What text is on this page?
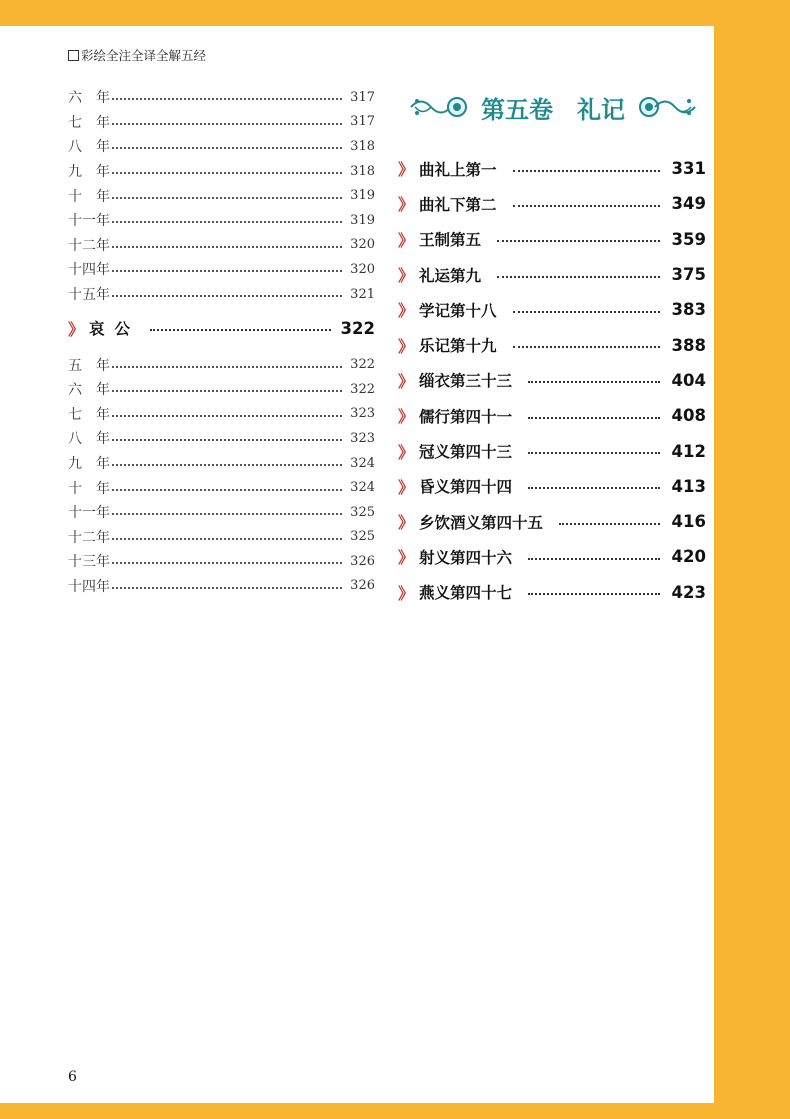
彩绘全注全译全解五经
六　年	317
七　年	317
八　年	318
九　年	318
十　年	319
十一年	319
十二年	320
十四年	320
十五年	321
》 哀公	322
五　年	322
六　年	322
七　年	323
八　年	323
九　年	324
十　年	324
十一年	325
十二年	325
十三年	326
十四年	326
第五卷　礼记
》 曲礼上第一	331
》 曲礼下第二	349
》 王制第五	359
》 礼运第九	375
》 学记第十八	383
》 乐记第十九	388
》 缁衣第三十三	404
》 儒行第四十一	408
》 冠义第四十三	412
》 昏义第四十四	413
》 乡饮酒义第四十五	416
》 射义第四十六	420
》 燕义第四十七	423
6
